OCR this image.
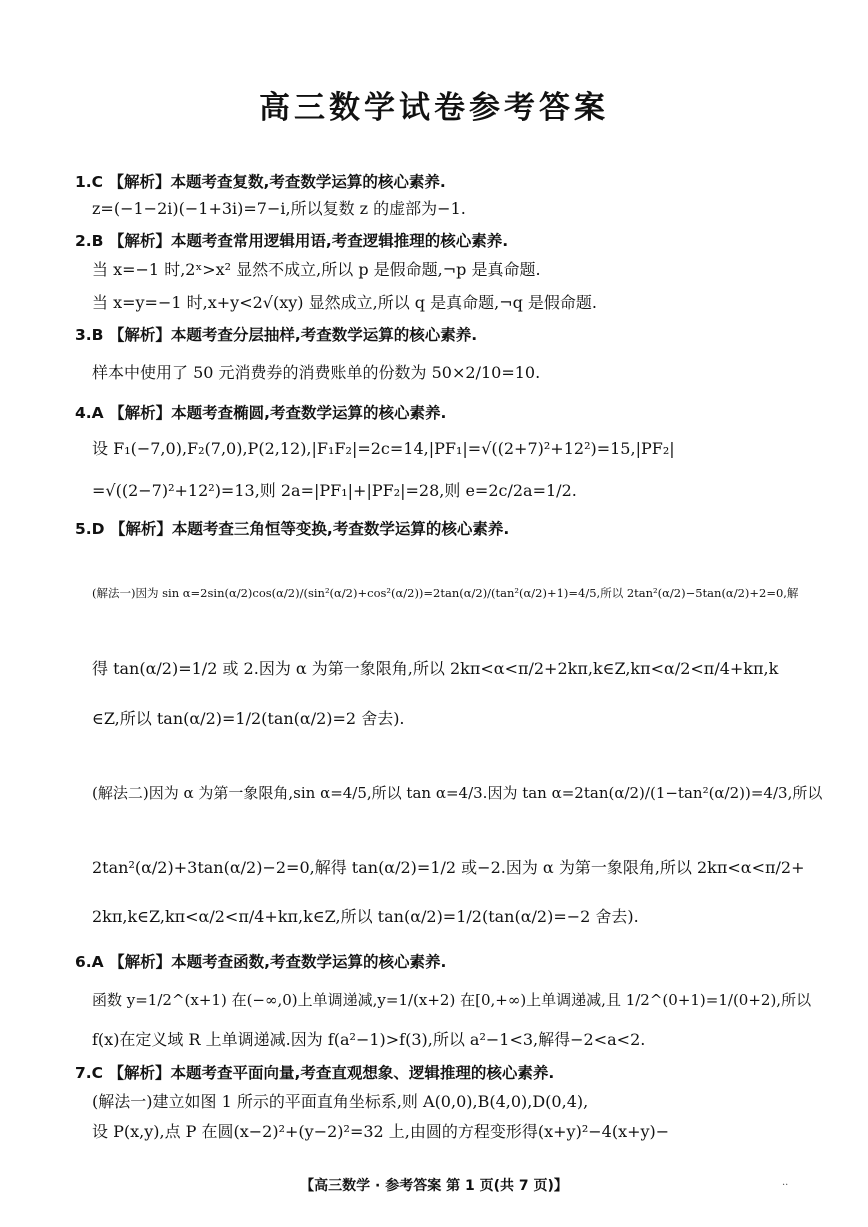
高三数学试卷参考答案
1.C 【解析】本题考查复数,考查数学运算的核心素养.
z=(−1−2i)(−1+3i)=7−i,所以复数 z 的虚部为−1.
2.B 【解析】本题考查常用逻辑用语,考查逻辑推理的核心素养.
当 x=−1 时,2ˣ>x² 显然不成立,所以 p 是假命题,¬p 是真命题.
当 x=y=−1 时,x+y<2√(xy) 显然成立,所以 q 是真命题,¬q 是假命题.
3.B 【解析】本题考查分层抽样,考查数学运算的核心素养.
样本中使用了 50 元消费券的消费账单的份数为 50×2/10=10.
4.A 【解析】本题考查椭圆,考查数学运算的核心素养.
设 F₁(−7,0),F₂(7,0),P(2,12),|F₁F₂|=2c=14,|PF₁|=√((2+7)²+12²)=15,|PF₂|
=√((2−7)²+12²)=13,则 2a=|PF₁|+|PF₂|=28,则 e=2c/2a=1/2.
5.D 【解析】本题考查三角恒等变换,考查数学运算的核心素养.
(解法一)因为 sin α=2sin(α/2)cos(α/2)/(sin²(α/2)+cos²(α/2))=2tan(α/2)/(tan²(α/2)+1)=4/5,所以 2tan²(α/2)−5tan(α/2)+2=0,解
得 tan(α/2)=1/2 或 2.因为 α 为第一象限角,所以 2kπ<α<π/2+2kπ,k∈Z,kπ<α/2<π/4+kπ,k
∈Z,所以 tan(α/2)=1/2(tan(α/2)=2 舍去).
(解法二)因为 α 为第一象限角,sin α=4/5,所以 tan α=4/3.因为 tan α=2tan(α/2)/(1−tan²(α/2))=4/3,所以
2tan²(α/2)+3tan(α/2)−2=0,解得 tan(α/2)=1/2 或−2.因为 α 为第一象限角,所以 2kπ<α<π/2+
2kπ,k∈Z,kπ<α/2<π/4+kπ,k∈Z,所以 tan(α/2)=1/2(tan(α/2)=−2 舍去).
6.A 【解析】本题考查函数,考查数学运算的核心素养.
函数 y=1/2^(x+1) 在(−∞,0)上单调递减,y=1/(x+2) 在[0,+∞)上单调递减,且 1/2^(0+1)=1/(0+2),所以
f(x)在定义域 R 上单调递减.因为 f(a²−1)>f(3),所以 a²−1<3,解得−2<a<2.
7.C 【解析】本题考查平面向量,考查直观想象、逻辑推理的核心素养.
(解法一)建立如图 1 所示的平面直角坐标系,则 A(0,0),B(4,0),D(0,4),
设 P(x,y),点 P 在圆(x−2)²+(y−2)²=32 上,由圆的方程变形得(x+y)²−4(x+y)−
【高三数学 · 参考答案 第 1 页(共 7 页)】	··
